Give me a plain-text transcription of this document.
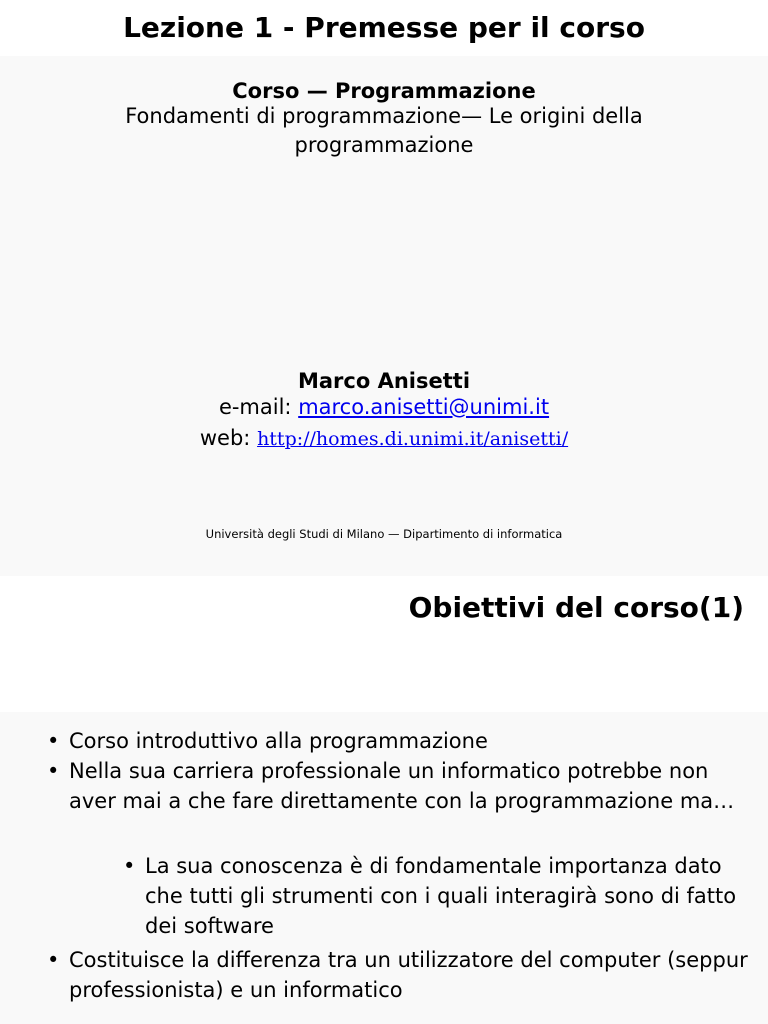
Lezione 1 - Premesse per il corso
Corso — Programmazione
Fondamenti di programmazione— Le origini della programmazione
Marco Anisetti
e-mail: marco.anisetti@unimi.it
web: http://homes.di.unimi.it/anisetti/
Università degli Studi di Milano — Dipartimento di informatica
Obiettivi del corso(1)
• Corso introduttivo alla programmazione
• Nella sua carriera professionale un informatico potrebbe non aver mai a che fare direttamente con la programmazione ma…
• La sua conoscenza è di fondamentale importanza dato che tutti gli strumenti con i quali interagirà sono di fatto dei software
• Costituisce la differenza tra un utilizzatore del computer (seppur professionista) e un informatico
